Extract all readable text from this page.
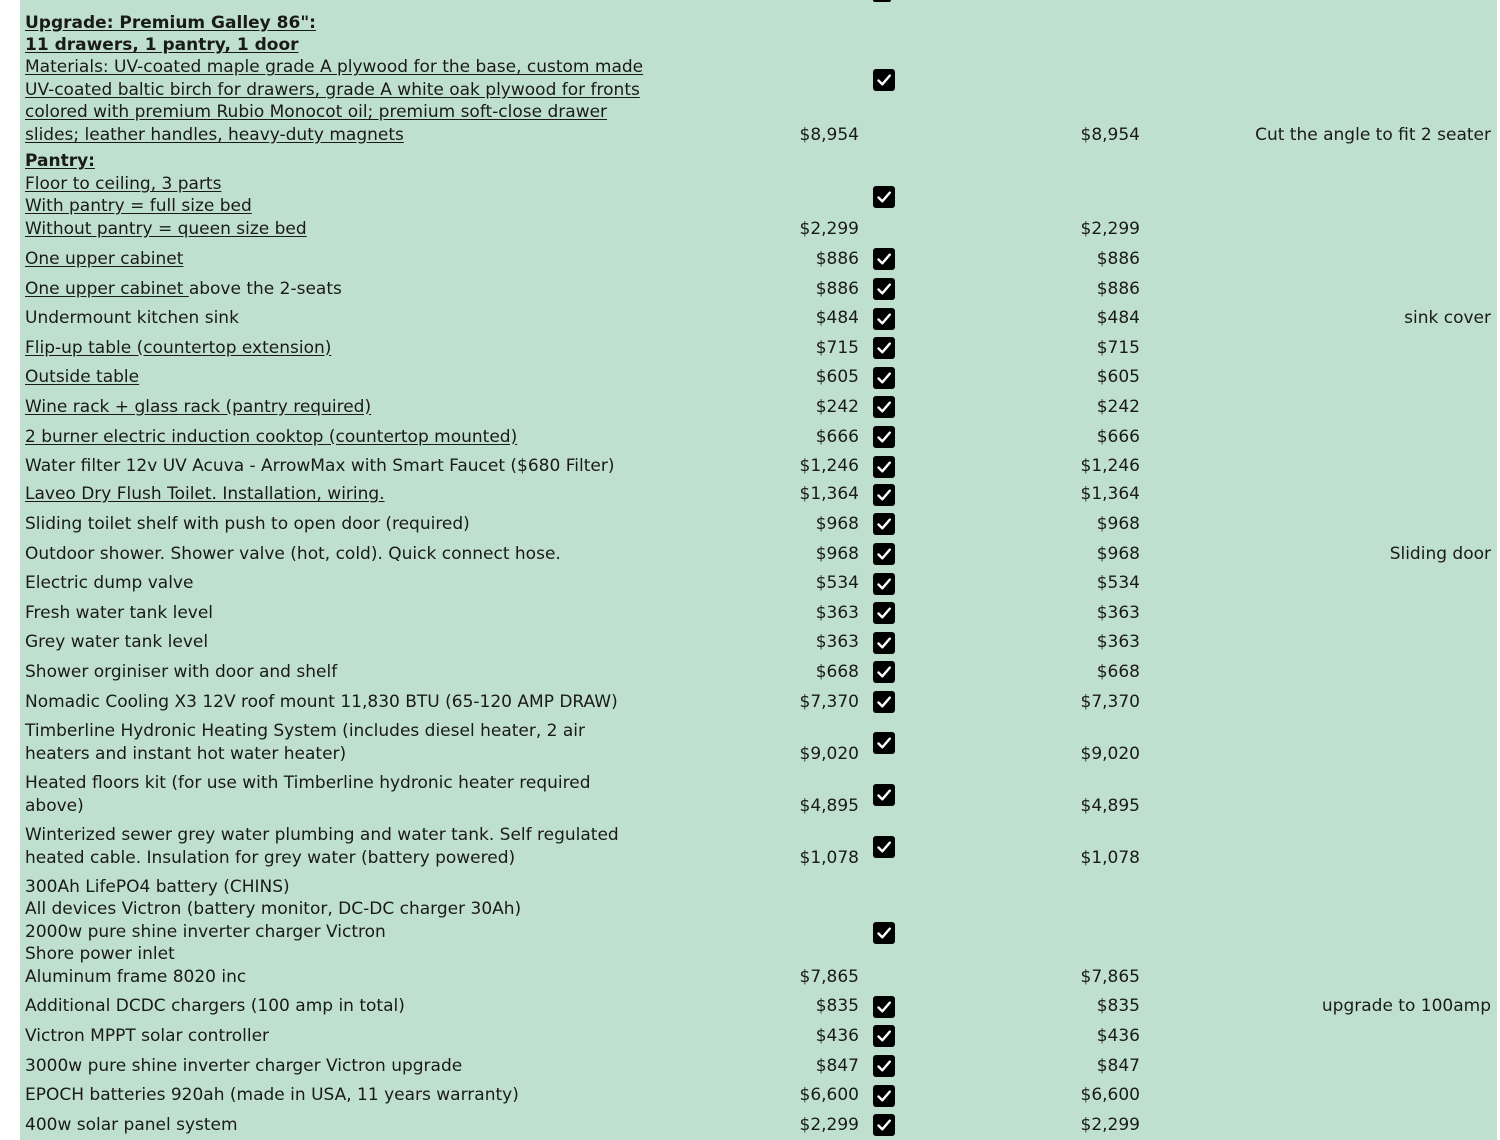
Upgrade: Premium Galley 86":
11 drawers, 1 pantry, 1 door
Materials: UV-coated maple grade A plywood for the base, custom made
UV-coated baltic birch for drawers, grade A white oak plywood for fronts
colored with premium Rubio Monocot oil; premium soft-close drawer
slides; leather handles, heavy-duty magnets	$8,954	$8,954	Cut the angle to fit 2 seater
Pantry:
Floor to ceiling, 3 parts
With pantry = full size bed
Without pantry = queen size bed	$2,299	$2,299
One upper cabinet	$886	$886
One upper cabinet above the 2-seats	$886	$886
Undermount kitchen sink	$484	$484	sink cover
Flip-up table (countertop extension)	$715	$715
Outside table	$605	$605
Wine rack + glass rack (pantry required)	$242	$242
2 burner electric induction cooktop (countertop mounted)	$666	$666
Water filter 12v UV Acuva - ArrowMax with Smart Faucet ($680 Filter)	$1,246	$1,246
Laveo Dry Flush Toilet. Installation, wiring.	$1,364	$1,364
Sliding toilet shelf with push to open door (required)	$968	$968
Outdoor shower. Shower valve (hot, cold). Quick connect hose.	$968	$968	Sliding door
Electric dump valve	$534	$534
Fresh water tank level	$363	$363
Grey water tank level	$363	$363
Shower orginiser with door and shelf	$668	$668
Nomadic Cooling X3 12V roof mount 11,830 BTU (65-120 AMP DRAW)	$7,370	$7,370
Timberline Hydronic Heating System (includes diesel heater, 2 air
heaters and instant hot water heater)	$9,020	$9,020
Heated floors kit (for use with Timberline hydronic heater required
above)	$4,895	$4,895
Winterized sewer grey water plumbing and water tank. Self regulated
heated cable. Insulation for grey water (battery powered)	$1,078	$1,078
300Ah LifePO4 battery (CHINS)
All devices Victron (battery monitor, DC-DC charger 30Ah)
2000w pure shine inverter charger Victron
Shore power inlet
Aluminum frame 8020 inc	$7,865	$7,865
Additional DCDC chargers (100 amp in total)	$835	$835	upgrade to 100amp
Victron MPPT solar controller	$436	$436
3000w pure shine inverter charger Victron upgrade	$847	$847
EPOCH batteries 920ah (made in USA, 11 years warranty)	$6,600	$6,600
400w solar panel system	$2,299	$2,299
